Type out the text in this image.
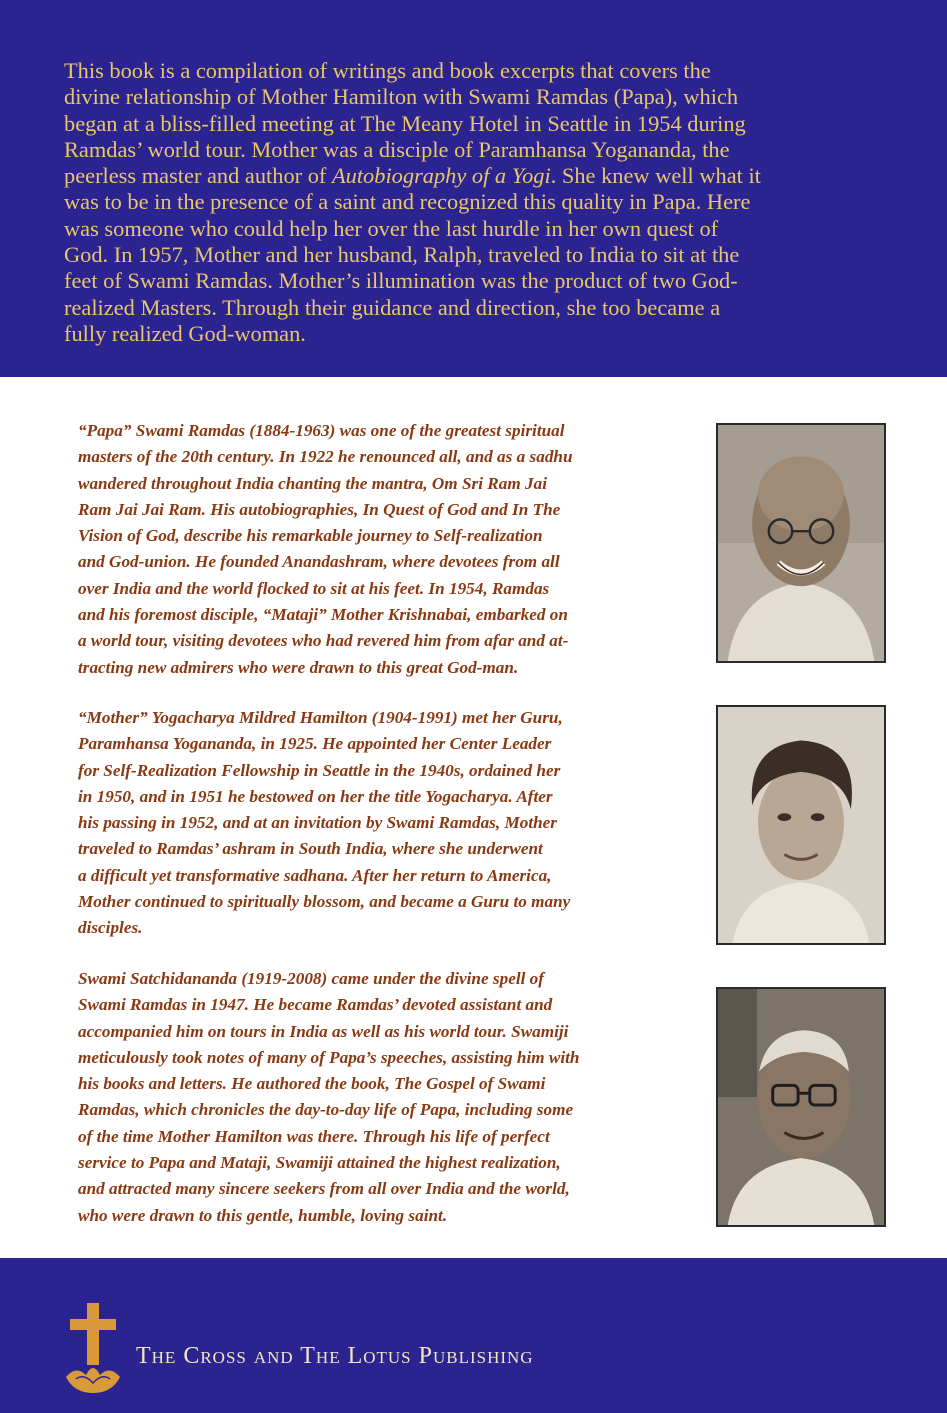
This book is a compilation of writings and book excerpts that covers the
divine relationship of Mother Hamilton with Swami Ramdas (Papa), which
began at a bliss-filled meeting at The Meany Hotel in Seattle in 1954 during
Ramdas’ world tour. Mother was a disciple of Paramhansa Yogananda, the
peerless master and author of Autobiography of a Yogi. She knew well what it
was to be in the presence of a saint and recognized this quality in Papa. Here
was someone who could help her over the last hurdle in her own quest of
God. In 1957, Mother and her husband, Ralph, traveled to India to sit at the
feet of Swami Ramdas. Mother’s illumination was the product of two God-
realized Masters. Through their guidance and direction, she too became a
fully realized God-woman.
“Papa” Swami Ramdas (1884-1963) was one of the greatest spiritual
masters of the 20th century. In 1922 he renounced all, and as a sadhu
wandered throughout India chanting the mantra, Om Sri Ram Jai
Ram Jai Jai Ram. His autobiographies, In Quest of God and In The
Vision of God, describe his remarkable journey to Self-realization
and God-union. He founded Anandashram, where devotees from all
over India and the world flocked to sit at his feet. In 1954, Ramdas
and his foremost disciple, “Mataji” Mother Krishnabai, embarked on
a world tour, visiting devotees who had revered him from afar and at-
tracting new admirers who were drawn to this great God-man.
“Mother” Yogacharya Mildred Hamilton (1904-1991) met her Guru,
Paramhansa Yogananda, in 1925. He appointed her Center Leader
for Self-Realization Fellowship in Seattle in the 1940s, ordained her
in 1950, and in 1951 he bestowed on her the title Yogacharya. After
his passing in 1952, and at an invitation by Swami Ramdas, Mother
traveled to Ramdas’ ashram in South India, where she underwent
a difficult yet transformative sadhana. After her return to America,
Mother continued to spiritually blossom, and became a Guru to many
disciples.
Swami Satchidananda (1919-2008) came under the divine spell of
Swami Ramdas in 1947. He became Ramdas’ devoted assistant and
accompanied him on tours in India as well as his world tour. Swamiji
meticulously took notes of many of Papa’s speeches, assisting him with
his books and letters. He authored the book, The Gospel of Swami
Ramdas, which chronicles the day-to-day life of Papa, including some
of the time Mother Hamilton was there. Through his life of perfect
service to Papa and Mataji, Swamiji attained the highest realization,
and attracted many sincere seekers from all over India and the world,
who were drawn to this gentle, humble, loving saint.
The Cross and The Lotus Publishing
